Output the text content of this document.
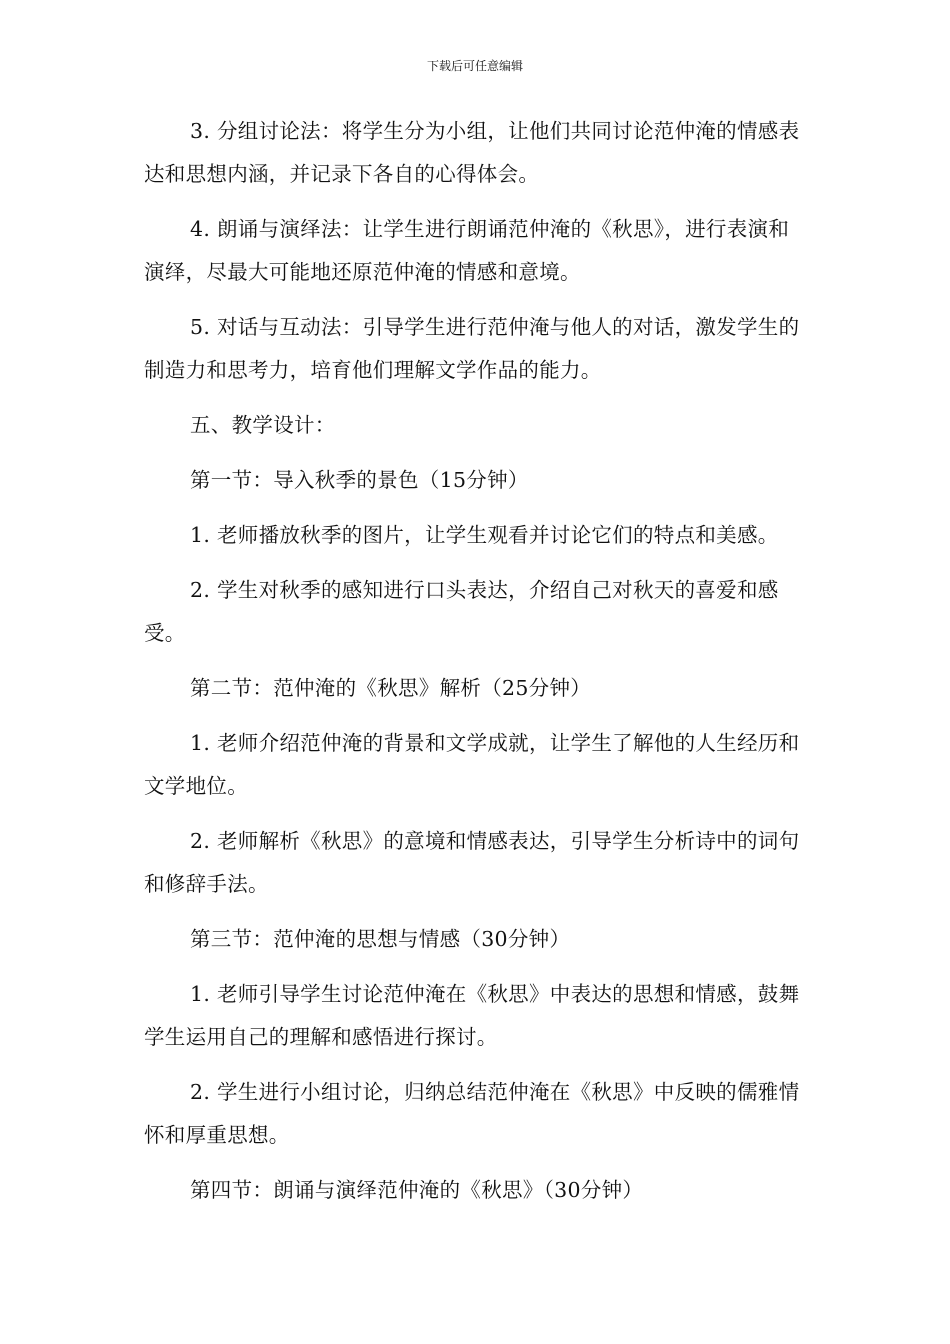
下载后可任意编辑

3. 分组讨论法：将学生分为小组，让他们共同讨论范仲淹的情感表达和思想内涵，并记录下各自的心得体会。

4. 朗诵与演绎法：让学生进行朗诵范仲淹的《秋思》，进行表演和演绎，尽最大可能地还原范仲淹的情感和意境。

5. 对话与互动法：引导学生进行范仲淹与他人的对话，激发学生的制造力和思考力，培育他们理解文学作品的能力。

五、教学设计：

第一节：导入秋季的景色（15分钟）

1. 老师播放秋季的图片，让学生观看并讨论它们的特点和美感。

2. 学生对秋季的感知进行口头表达，介绍自己对秋天的喜爱和感受。

第二节：范仲淹的《秋思》解析（25分钟）

1. 老师介绍范仲淹的背景和文学成就，让学生了解他的人生经历和文学地位。

2. 老师解析《秋思》的意境和情感表达，引导学生分析诗中的词句和修辞手法。

第三节：范仲淹的思想与情感（30分钟）

1. 老师引导学生讨论范仲淹在《秋思》中表达的思想和情感，鼓舞学生运用自己的理解和感悟进行探讨。

2. 学生进行小组讨论，归纳总结范仲淹在《秋思》中反映的儒雅情怀和厚重思想。

第四节：朗诵与演绎范仲淹的《秋思》（30分钟）
